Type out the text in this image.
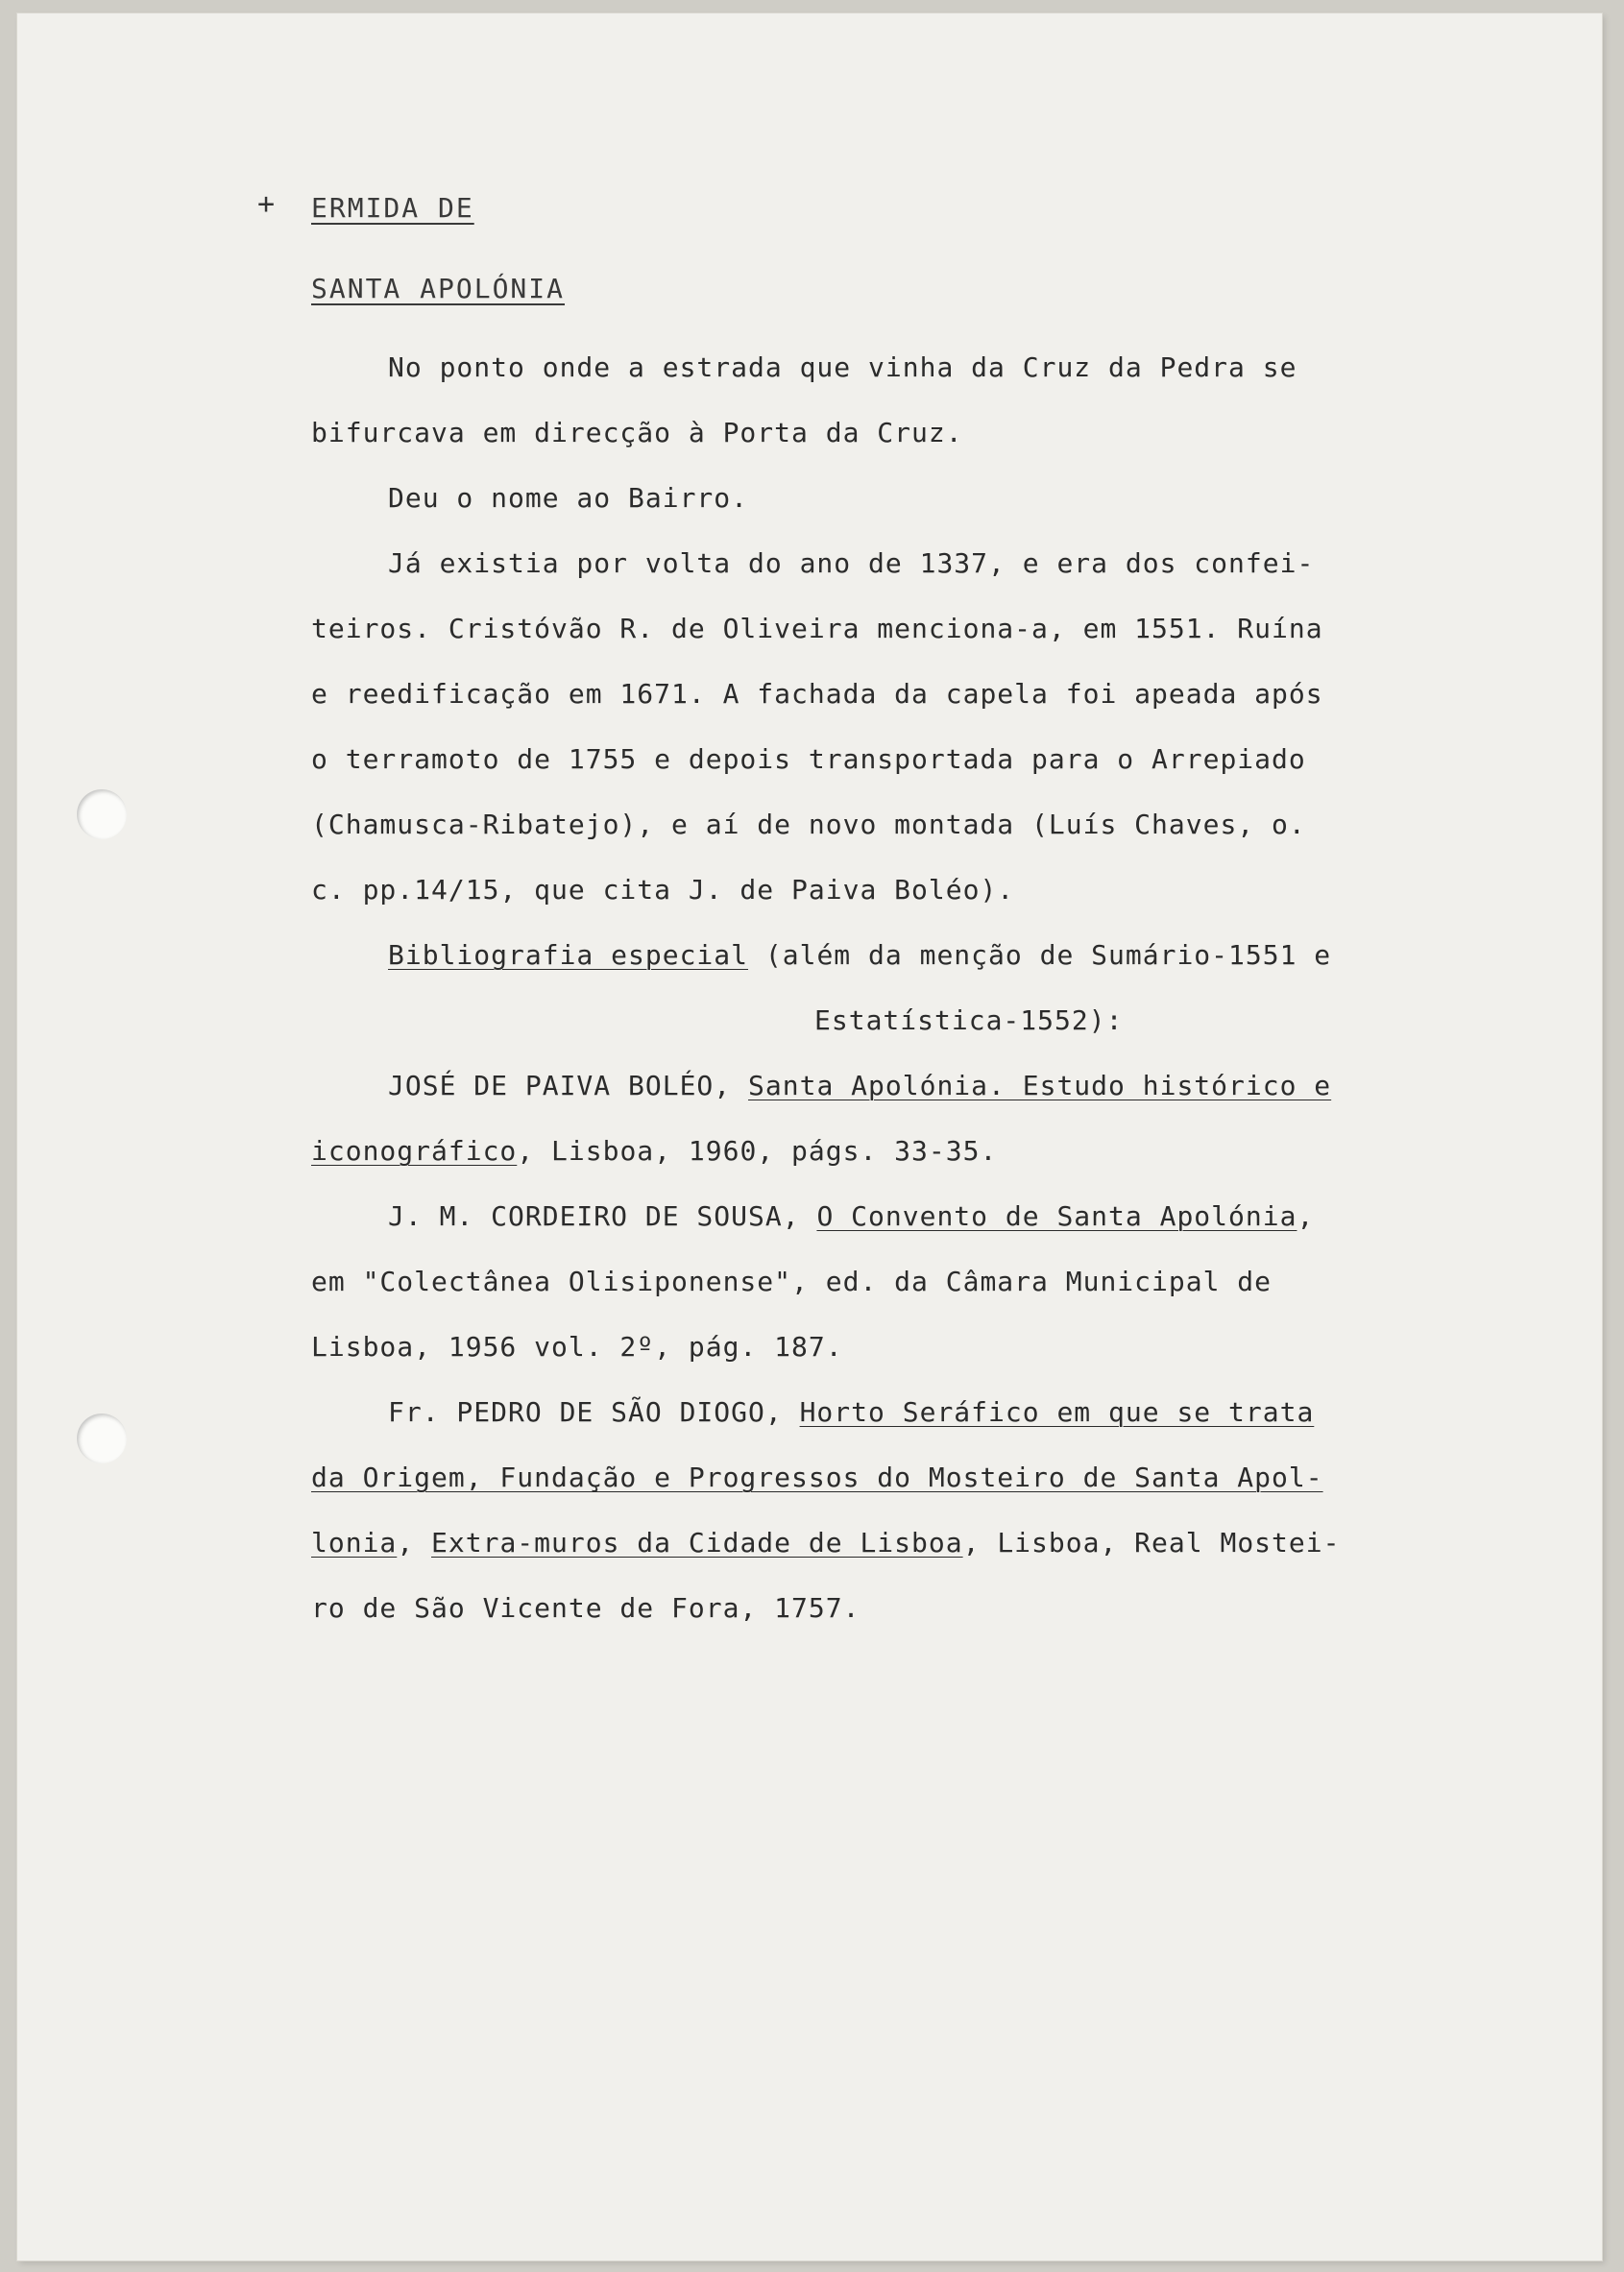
+ ERMIDA DE
SANTA APOLÓNIA
No ponto onde a estrada que vinha da Cruz da Pedra se
bifurcava em direcção à Porta da Cruz.
Deu o nome ao Bairro.
Já existia por volta do ano de 1337, e era dos confei-
teiros. Cristóvão R. de Oliveira menciona-a, em 1551. Ruína
e reedificação em 1671. A fachada da capela foi apeada após
o terramoto de 1755 e depois transportada para o Arrepiado
(Chamusca-Ribatejo), e aí de novo montada (Luís Chaves, o.
c. pp.14/15, que cita J. de Paiva Boléo).
Bibliografia especial (além da menção de Sumário-1551 e
Estatística-1552):
JOSÉ DE PAIVA BOLÉO, Santa Apolónia. Estudo histórico e
iconográfico, Lisboa, 1960, págs. 33-35.
J. M. CORDEIRO DE SOUSA, O Convento de Santa Apolónia,
em "Colectânea Olisiponense", ed. da Câmara Municipal de
Lisboa, 1956 vol. 2º, pág. 187.
Fr. PEDRO DE SÃO DIOGO, Horto Seráfico em que se trata
da Origem, Fundação e Progressos do Mosteiro de Santa Apol-
lonia, Extra-muros da Cidade de Lisboa, Lisboa, Real Mostei-
ro de São Vicente de Fora, 1757.
